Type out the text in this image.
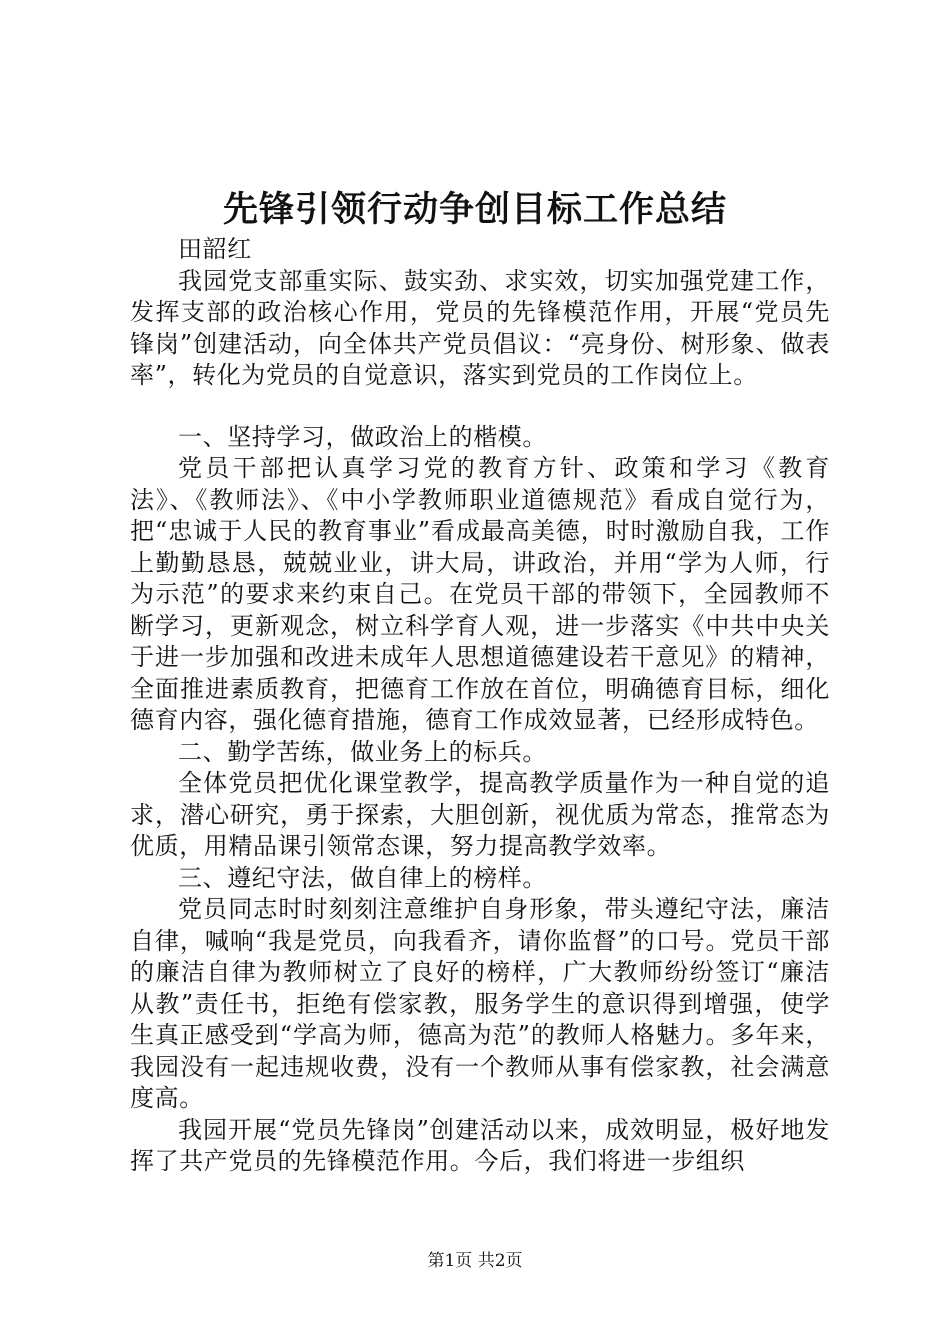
先锋引领行动争创目标工作总结

田韶红

我园党支部重实际、鼓实劲、求实效，切实加强党建工作，发挥支部的政治核心作用，党员的先锋模范作用，开展“党员先锋岗”创建活动，向全体共产党员倡议：“亮身份、树形象、做表率”，转化为党员的自觉意识，落实到党员的工作岗位上。

一、坚持学习，做政治上的楷模。

党员干部把认真学习党的教育方针、政策和学习《教育法》、《教师法》、《中小学教师职业道德规范》看成自觉行为，把“忠诚于人民的教育事业”看成最高美德，时时激励自我，工作上勤勤恳恳，兢兢业业，讲大局，讲政治，并用“学为人师，行为示范”的要求来约束自己。在党员干部的带领下，全园教师不断学习，更新观念，树立科学育人观，进一步落实《中共中央关于进一步加强和改进未成年人思想道德建设若干意见》的精神，全面推进素质教育，把德育工作放在首位，明确德育目标，细化德育内容，强化德育措施，德育工作成效显著，已经形成特色。

二、勤学苦练，做业务上的标兵。

全体党员把优化课堂教学，提高教学质量作为一种自觉的追求，潜心研究，勇于探索，大胆创新，视优质为常态，推常态为优质，用精品课引领常态课，努力提高教学效率。

三、遵纪守法，做自律上的榜样。

党员同志时时刻刻注意维护自身形象，带头遵纪守法，廉洁自律，喊响“我是党员，向我看齐，请你监督”的口号。党员干部的廉洁自律为教师树立了良好的榜样，广大教师纷纷签订“廉洁从教”责任书，拒绝有偿家教，服务学生的意识得到增强，使学生真正感受到“学高为师，德高为范”的教师人格魅力。多年来，我园没有一起违规收费，没有一个教师从事有偿家教，社会满意度高。

我园开展“党员先锋岗”创建活动以来，成效明显，极好地发挥了共产党员的先锋模范作用。今后，我们将进一步组织

第1页 共2页
